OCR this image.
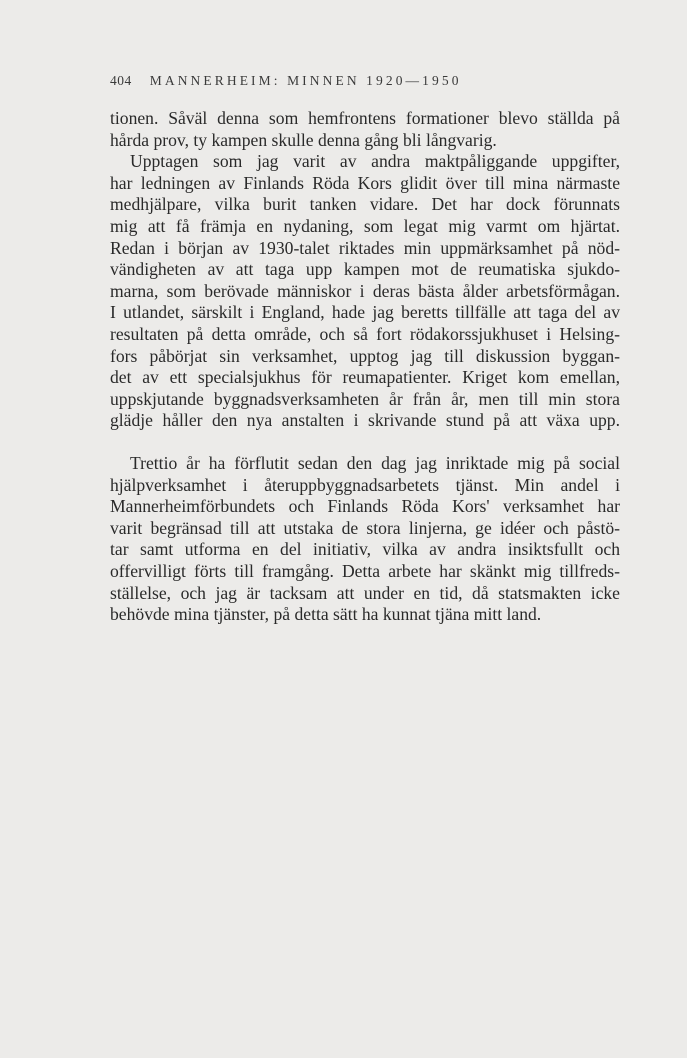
404 MANNERHEIM: MINNEN 1920—1950
tionen. Såväl denna som hemfrontens formationer blevo ställda på
hårda prov, ty kampen skulle denna gång bli långvarig.
Upptagen som jag varit av andra maktpåliggande uppgifter,
har ledningen av Finlands Röda Kors glidit över till mina närmaste
medhjälpare, vilka burit tanken vidare. Det har dock förunnats
mig att få främja en nydaning, som legat mig varmt om hjärtat.
Redan i början av 1930-talet riktades min uppmärksamhet på nöd-
vändigheten av att taga upp kampen mot de reumatiska sjukdo-
marna, som berövade människor i deras bästa ålder arbetsförmågan.
I utlandet, särskilt i England, hade jag beretts tillfälle att taga del av
resultaten på detta område, och så fort rödakorssjukhuset i Helsing-
fors påbörjat sin verksamhet, upptog jag till diskussion byggan-
det av ett specialsjukhus för reumapatienter. Kriget kom emellan,
uppskjutande byggnadsverksamheten år från år, men till min stora
glädje håller den nya anstalten i skrivande stund på att växa upp.
Trettio år ha förflutit sedan den dag jag inriktade mig på social
hjälpverksamhet i återuppbyggnadsarbetets tjänst. Min andel i
Mannerheimförbundets och Finlands Röda Kors' verksamhet har
varit begränsad till att utstaka de stora linjerna, ge idéer och påstö-
tar samt utforma en del initiativ, vilka av andra insiktsfullt och
offervilligt förts till framgång. Detta arbete har skänkt mig tillfreds-
ställelse, och jag är tacksam att under en tid, då statsmakten icke
behövde mina tjänster, på detta sätt ha kunnat tjäna mitt land.
